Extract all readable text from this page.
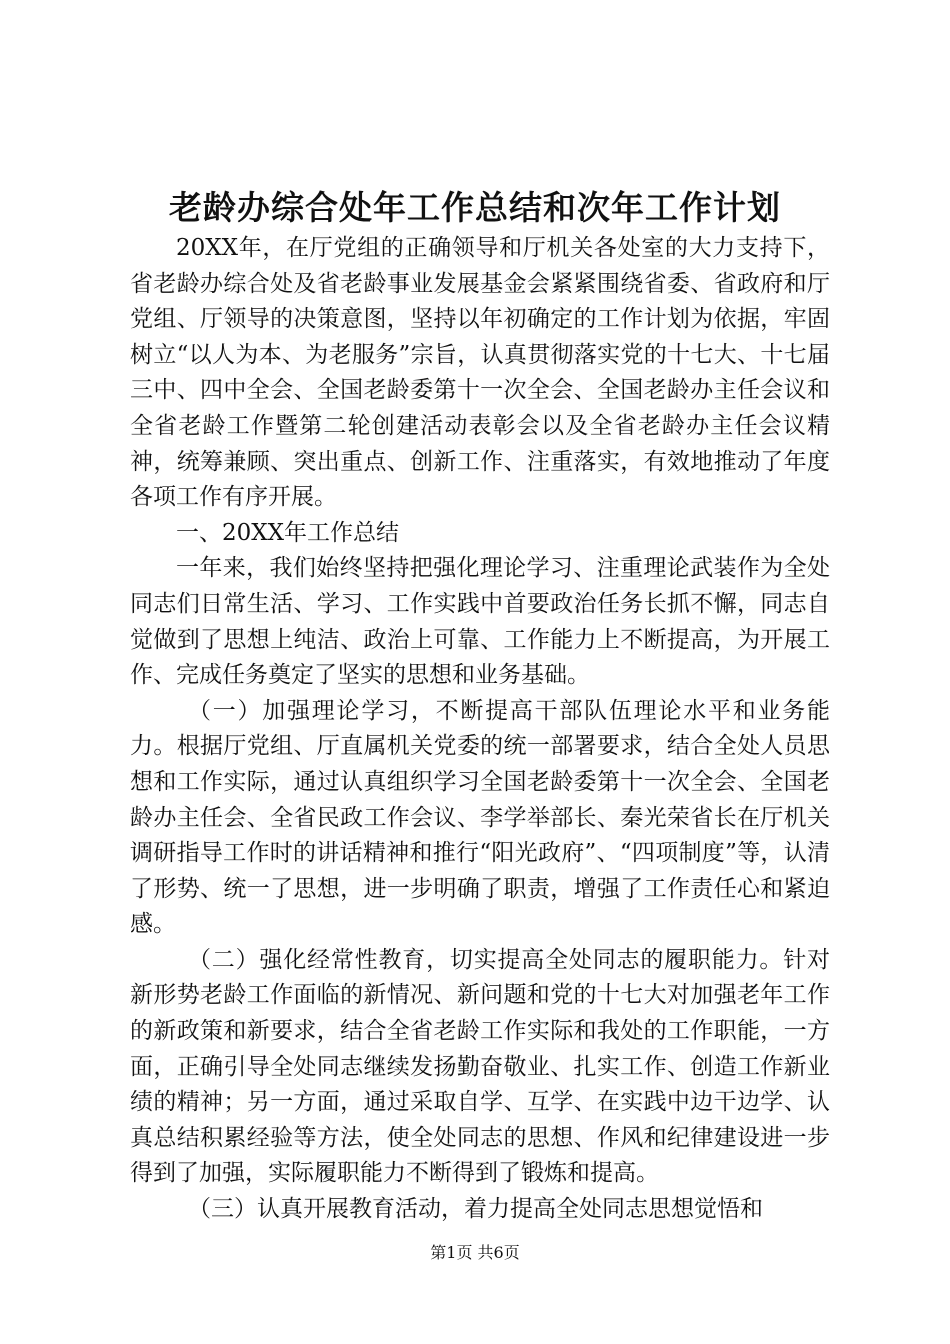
老龄办综合处年工作总结和次年工作计划

20XX年，在厅党组的正确领导和厅机关各处室的大力支持下，省老龄办综合处及省老龄事业发展基金会紧紧围绕省委、省政府和厅党组、厅领导的决策意图，坚持以年初确定的工作计划为依据，牢固树立“以人为本、为老服务”宗旨，认真贯彻落实党的十七大、十七届三中、四中全会、全国老龄委第十一次全会、全国老龄办主任会议和全省老龄工作暨第二轮创建活动表彰会以及全省老龄办主任会议精神，统筹兼顾、突出重点、创新工作、注重落实，有效地推动了年度各项工作有序开展。

一、20XX年工作总结

一年来，我们始终坚持把强化理论学习、注重理论武装作为全处同志们日常生活、学习、工作实践中首要政治任务长抓不懈，同志自觉做到了思想上纯洁、政治上可靠、工作能力上不断提高，为开展工作、完成任务奠定了坚实的思想和业务基础。

（一）加强理论学习，不断提高干部队伍理论水平和业务能力。根据厅党组、厅直属机关党委的统一部署要求，结合全处人员思想和工作实际，通过认真组织学习全国老龄委第十一次全会、全国老龄办主任会、全省民政工作会议、李学举部长、秦光荣省长在厅机关调研指导工作时的讲话精神和推行“阳光政府”、“四项制度”等，认清了形势、统一了思想，进一步明确了职责，增强了工作责任心和紧迫感。

（二）强化经常性教育，切实提高全处同志的履职能力。针对新形势老龄工作面临的新情况、新问题和党的十七大对加强老年工作的新政策和新要求，结合全省老龄工作实际和我处的工作职能，一方面，正确引导全处同志继续发扬勤奋敬业、扎实工作、创造工作新业绩的精神；另一方面，通过采取自学、互学、在实践中边干边学、认真总结积累经验等方法，使全处同志的思想、作风和纪律建设进一步得到了加强，实际履职能力不断得到了锻炼和提高。

（三）认真开展教育活动，着力提高全处同志思想觉悟和

第1页 共6页
